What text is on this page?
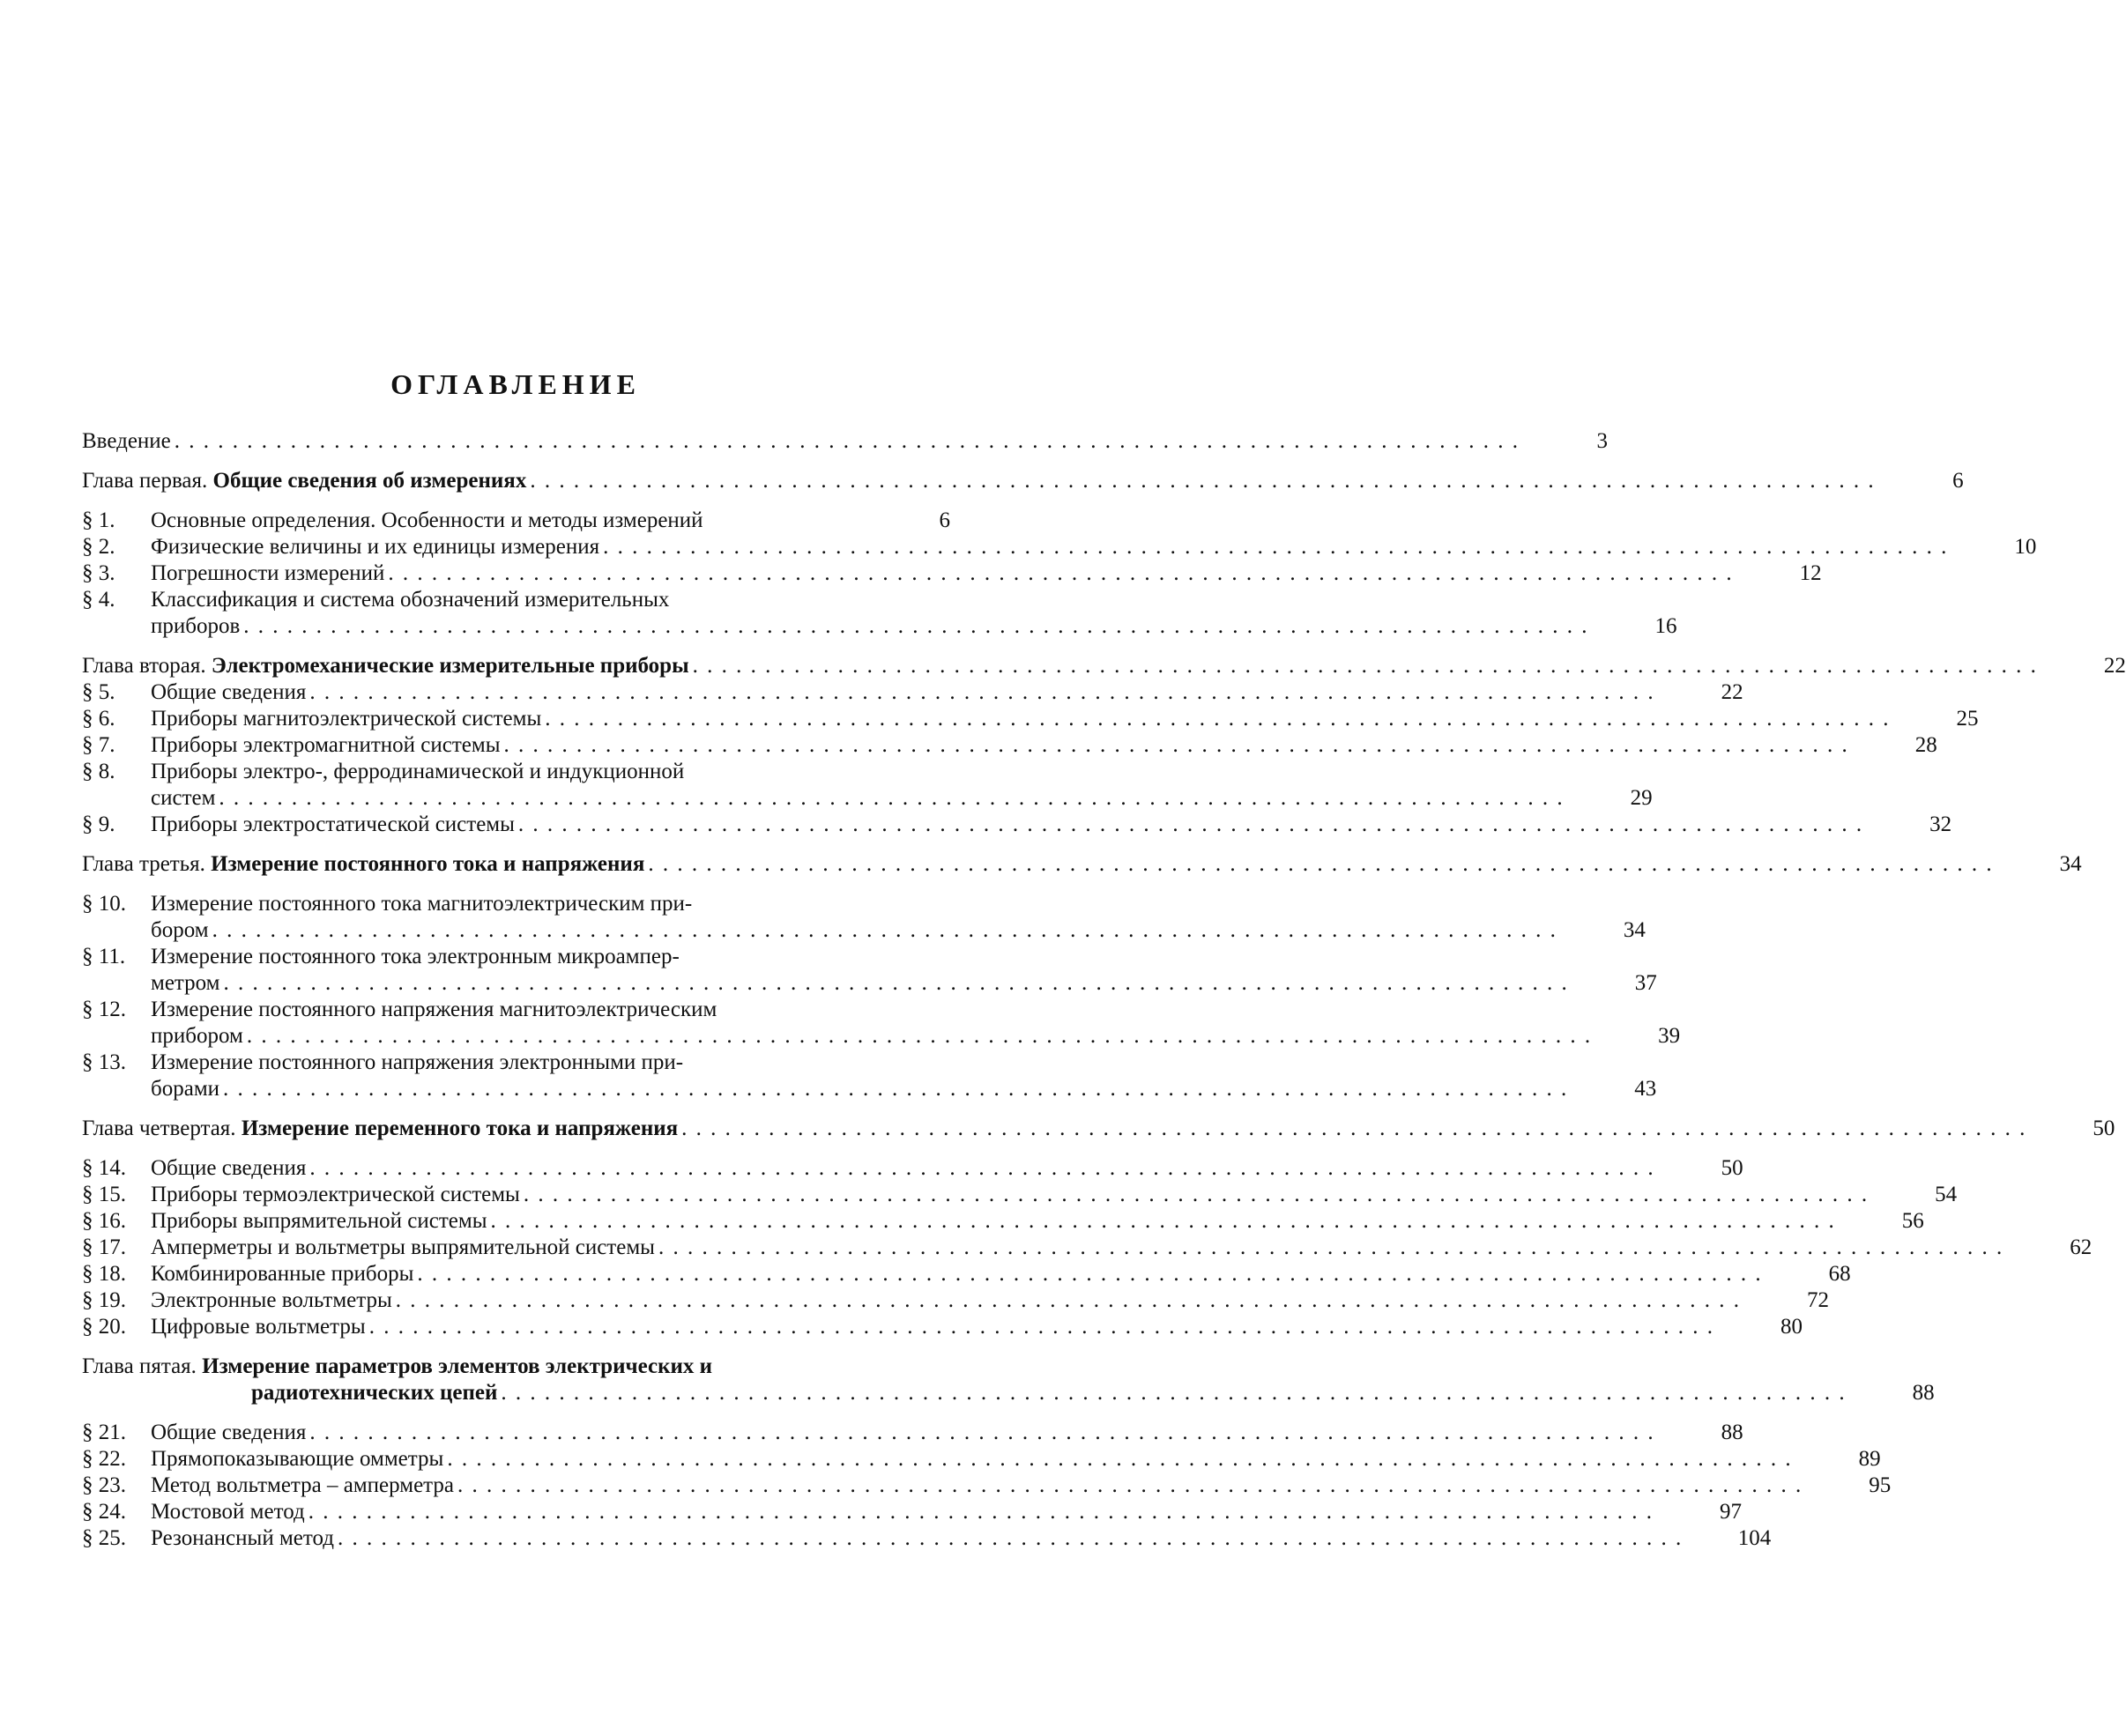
ОГЛАВЛЕНИЕ
Введение . . .	3
Глава первая. Общие сведения об измерениях . . .	6
§ 1.	Основные определения. Особенности и методы измерений	6
§ 2.	Физические величины и их единицы измерения . . .	10
§ 3.	Погрешности измерений . . .	12
§ 4.	Классификация и система обозначений измерительных
приборов . . .	16
Глава вторая. Электромеханические измерительные приборы . . .	22
§ 5.	Общие сведения . . .	22
§ 6.	Приборы магнитоэлектрической системы . . .	25
§ 7.	Приборы электромагнитной системы . . .	28
§ 8.	Приборы электро-, ферродинамической и индукционной
систем . . .	29
§ 9.	Приборы электростатической системы . . .	32
Глава третья. Измерение постоянного тока и напряжения . . .	34
§ 10.	Измерение постоянного тока магнитоэлектрическим при-
бором . . .	34
§ 11.	Измерение постоянного тока электронным микроампер-
метром . . .	37
§ 12.	Измерение постоянного напряжения магнитоэлектрическим
прибором . . .	39
§ 13.	Измерение постоянного напряжения электронными при-
борами . . .	43
Глава четвертая. Измерение переменного тока и напряжения . . .	50
§ 14.	Общие сведения . . .	50
§ 15.	Приборы термоэлектрической системы . . .	54
§ 16.	Приборы выпрямительной системы . . .	56
§ 17.	Амперметры и вольтметры выпрямительной системы . . .	62
§ 18.	Комбинированные приборы . . .	68
§ 19.	Электронные вольтметры . . .	72
§ 20.	Цифровые вольтметры . . .	80
Глава пятая. Измерение параметров элементов электрических и
радиотехнических цепей . . .	88
§ 21.	Общие сведения . . .	88
§ 22.	Прямопоказывающие омметры . . .	89
§ 23.	Метод вольтметра – амперметра . . .	95
§ 24.	Мостовой метод . . .	97
§ 25.	Резонансный метод . . .	104
